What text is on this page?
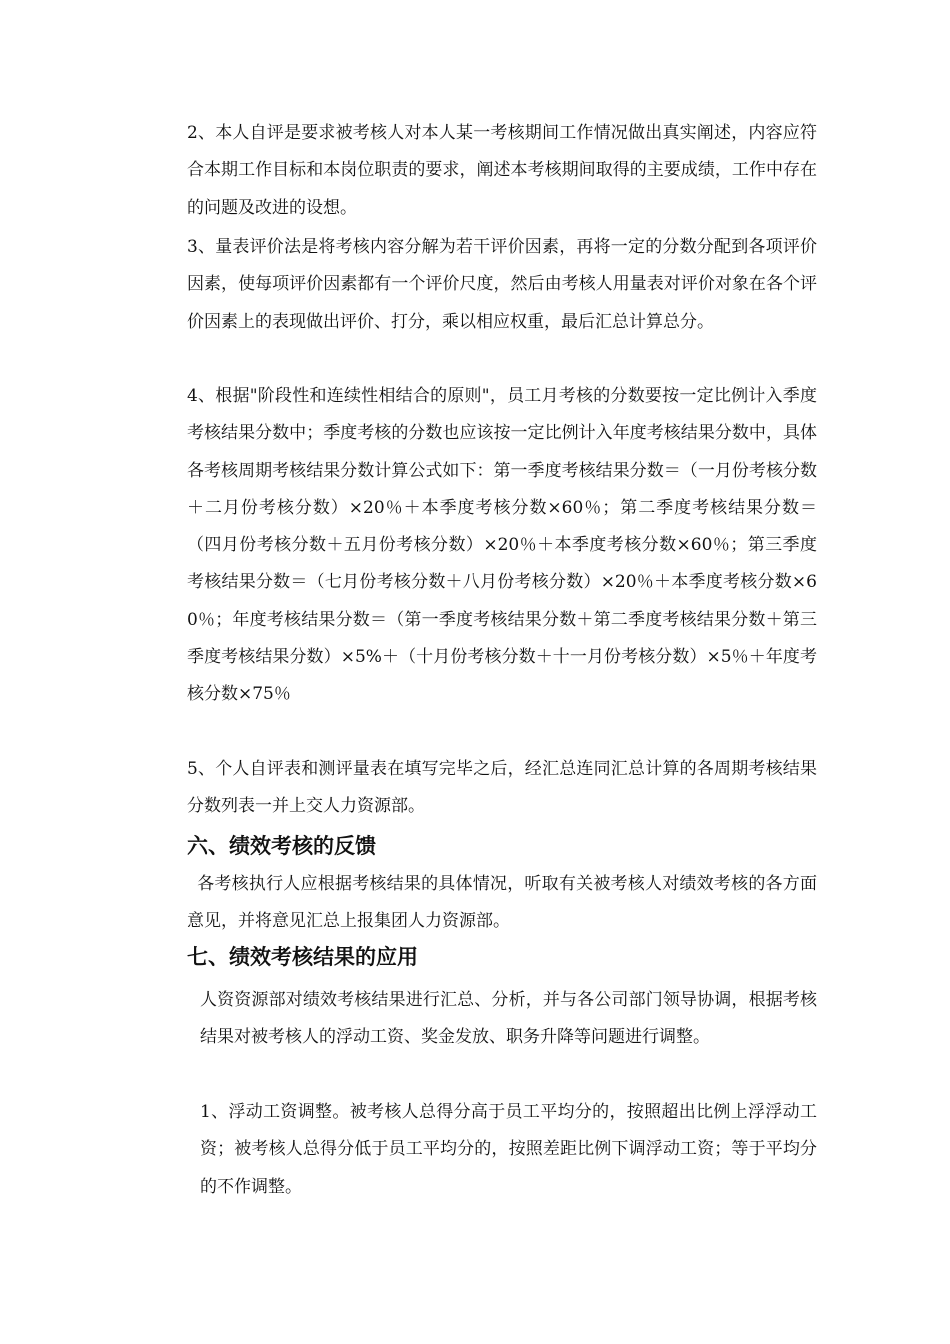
2、本人自评是要求被考核人对本人某一考核期间工作情况做出真实阐述，内容应符合本期工作目标和本岗位职责的要求，阐述本考核期间取得的主要成绩，工作中存在的问题及改进的设想。

3、量表评价法是将考核内容分解为若干评价因素，再将一定的分数分配到各项评价因素，使每项评价因素都有一个评价尺度，然后由考核人用量表对评价对象在各个评价因素上的表现做出评价、打分，乘以相应权重，最后汇总计算总分。

4、根据"阶段性和连续性相结合的原则"，员工月考核的分数要按一定比例计入季度考核结果分数中；季度考核的分数也应该按一定比例计入年度考核结果分数中，具体各考核周期考核结果分数计算公式如下：第一季度考核结果分数＝（一月份考核分数＋二月份考核分数）×20％＋本季度考核分数×60％；第二季度考核结果分数＝（四月份考核分数＋五月份考核分数）×20％＋本季度考核分数×60％；第三季度考核结果分数＝（七月份考核分数＋八月份考核分数）×20％＋本季度考核分数×60％；年度考核结果分数＝（第一季度考核结果分数＋第二季度考核结果分数＋第三季度考核结果分数）×5%＋（十月份考核分数＋十一月份考核分数）×5％＋年度考核分数×75％

5、个人自评表和测评量表在填写完毕之后，经汇总连同汇总计算的各周期考核结果分数列表一并上交人力资源部。

六、绩效考核的反馈

各考核执行人应根据考核结果的具体情况，听取有关被考核人对绩效考核的各方面意见，并将意见汇总上报集团人力资源部。

七、绩效考核结果的应用

人资资源部对绩效考核结果进行汇总、分析，并与各公司部门领导协调，根据考核结果对被考核人的浮动工资、奖金发放、职务升降等问题进行调整。

1、浮动工资调整。被考核人总得分高于员工平均分的，按照超出比例上浮浮动工资；被考核人总得分低于员工平均分的，按照差距比例下调浮动工资；等于平均分的不作调整。
